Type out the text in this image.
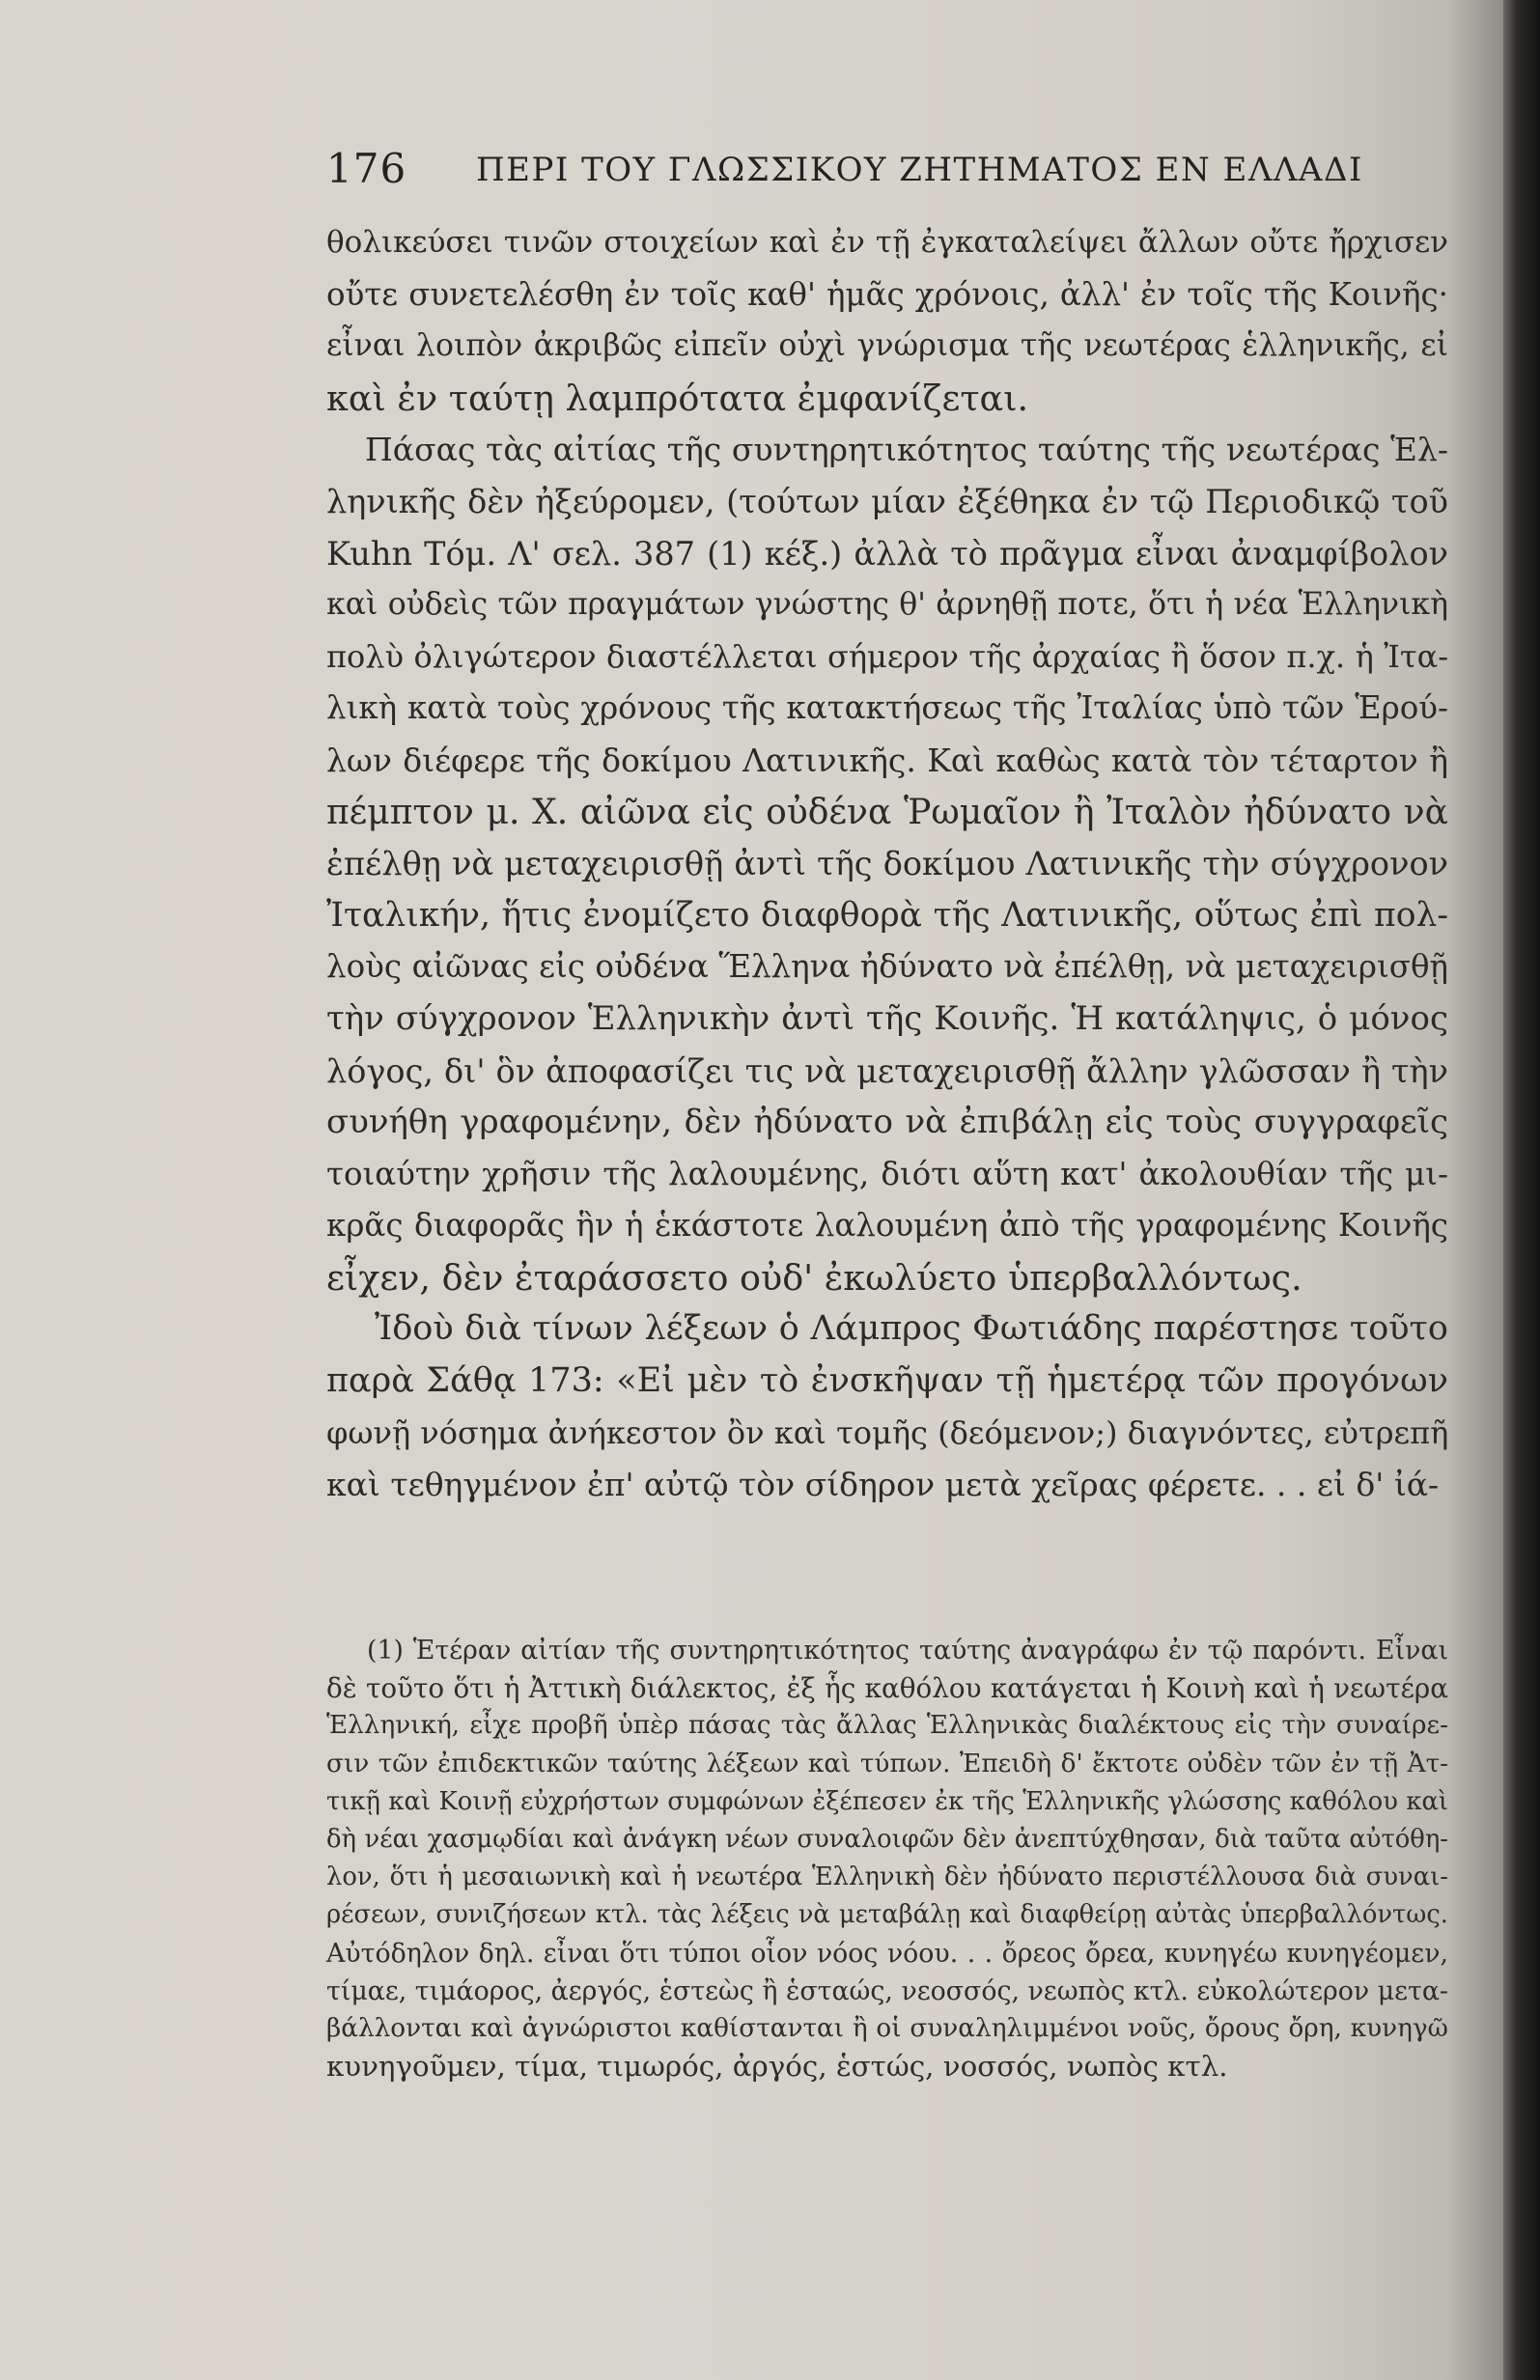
176 ΠΕΡΙ ΤΟΥ ΓΛΩΣΣΙΚΟΥ ΖΗΤΗΜΑΤΟΣ ΕΝ ΕΛΛΑΔΙ

θολικεύσει τινῶν στοιχείων καὶ ἐν τῇ ἐγκαταλείψει ἄλλων οὔτε ἤρχισεν
οὔτε συνετελέσθη ἐν τοῖς καθ' ἡμᾶς χρόνοις, ἀλλ' ἐν τοῖς τῆς Κοινῆς·
εἶναι λοιπὸν ἀκριβῶς εἰπεῖν οὐχὶ γνώρισμα τῆς νεωτέρας ἑλληνικῆς, εἰ
καὶ ἐν ταύτῃ λαμπρότατα ἐμφανίζεται.

Πάσας τὰς αἰτίας τῆς συντηρητικότητος ταύτης τῆς νεωτέρας Ἑλ-
ληνικῆς δὲν ἠξεύρομεν, (τούτων μίαν ἐξέθηκα ἐν τῷ Περιοδικῷ τοῦ
Kuhn Τόμ. Λ' σελ. 387 (1) κέξ.) ἀλλὰ τὸ πρᾶγμα εἶναι ἀναμφίβολον
καὶ οὐδεὶς τῶν πραγμάτων γνώστης θ' ἀρνηθῇ ποτε, ὅτι ἡ νέα Ἑλληνικὴ
πολὺ ὀλιγώτερον διαστέλλεται σήμερον τῆς ἀρχαίας ἢ ὅσον π.χ. ἡ Ἰτα-
λικὴ κατὰ τοὺς χρόνους τῆς κατακτήσεως τῆς Ἰταλίας ὑπὸ τῶν Ἑρού-
λων διέφερε τῆς δοκίμου Λατινικῆς. Καὶ καθὼς κατὰ τὸν τέταρτον ἢ
πέμπτον μ. Χ. αἰῶνα εἰς οὐδένα Ῥωμαῖον ἢ Ἰταλὸν ἠδύνατο νὰ
ἐπέλθῃ νὰ μεταχειρισθῇ ἀντὶ τῆς δοκίμου Λατινικῆς τὴν σύγχρονον
Ἰταλικήν, ἥτις ἐνομίζετο διαφθορὰ τῆς Λατινικῆς, οὕτως ἐπὶ πολ-
λοὺς αἰῶνας εἰς οὐδένα Ἕλληνα ἠδύνατο νὰ ἐπέλθῃ, νὰ μεταχειρισθῇ
τὴν σύγχρονον Ἑλληνικὴν ἀντὶ τῆς Κοινῆς. Ἡ κατάληψις, ὁ μόνος
λόγος, δι' ὃν ἀποφασίζει τις νὰ μεταχειρισθῇ ἄλλην γλῶσσαν ἢ τὴν
συνήθη γραφομένην, δὲν ἠδύνατο νὰ ἐπιβάλῃ εἰς τοὺς συγγραφεῖς
τοιαύτην χρῆσιν τῆς λαλουμένης, διότι αὕτη κατ' ἀκολουθίαν τῆς μι-
κρᾶς διαφορᾶς ἣν ἡ ἑκάστοτε λαλουμένη ἀπὸ τῆς γραφομένης Κοινῆς
εἶχεν, δὲν ἐταράσσετο οὐδ' ἐκωλύετο ὑπερβαλλόντως.

Ἰδοὺ διὰ τίνων λέξεων ὁ Λάμπρος Φωτιάδης παρέστησε τοῦτο
παρὰ Σάθᾳ 173: «Εἰ μὲν τὸ ἐνσκῆψαν τῇ ἡμετέρᾳ τῶν προγόνων
φωνῇ νόσημα ἀνήκεστον ὂν καὶ τομῆς (δεόμενον;) διαγνόντες, εὐτρεπῆ
καὶ τεθηγμένον ἐπ' αὐτῷ τὸν σίδηρον μετὰ χεῖρας φέρετε. . . εἰ δ' ἰά-

(1) Ἑτέραν αἰτίαν τῆς συντηρητικότητος ταύτης ἀναγράφω ἐν τῷ παρόντι. Εἶναι
δὲ τοῦτο ὅτι ἡ Ἀττικὴ διάλεκτος, ἐξ ἧς καθόλου κατάγεται ἡ Κοινὴ καὶ ἡ νεωτέρα
Ἑλληνική, εἶχε προβῆ ὑπὲρ πάσας τὰς ἄλλας Ἑλληνικὰς διαλέκτους εἰς τὴν συναίρε-
σιν τῶν ἐπιδεκτικῶν ταύτης λέξεων καὶ τύπων. Ἐπειδὴ δ' ἔκτοτε οὐδὲν τῶν ἐν τῇ Ἀτ-
τικῇ καὶ Κοινῇ εὐχρήστων συμφώνων ἐξέπεσεν ἐκ τῆς Ἑλληνικῆς γλώσσης καθόλου καὶ
δὴ νέαι χασμῳδίαι καὶ ἀνάγκη νέων συναλοιφῶν δὲν ἀνεπτύχθησαν, διὰ ταῦτα αὐτόθη-
λον, ὅτι ἡ μεσαιωνικὴ καὶ ἡ νεωτέρα Ἑλληνικὴ δὲν ἠδύνατο περιστέλλουσα διὰ συναι-
ρέσεων, συνιζήσεων κτλ. τὰς λέξεις νὰ μεταβάλῃ καὶ διαφθείρῃ αὐτὰς ὑπερβαλλόντως.
Αὐτόδηλον δηλ. εἶναι ὅτι τύποι οἷον νόος νόου. . . ὄρεος ὄρεα, κυνηγέω κυνηγέομεν,
τίμαε, τιμάορος, ἀεργός, ἑστεὼς ἢ ἑσταώς, νεοσσός, νεωπὸς κτλ. εὐκολώτερον μετα-
βάλλονται καὶ ἀγνώριστοι καθίστανται ἢ οἱ συναληλιμμένοι νοῦς, ὄρους ὄρη, κυνηγῶ
κυνηγοῦμεν, τίμα, τιμωρός, ἀργός, ἑστώς, νοσσός, νωπὸς κτλ.
